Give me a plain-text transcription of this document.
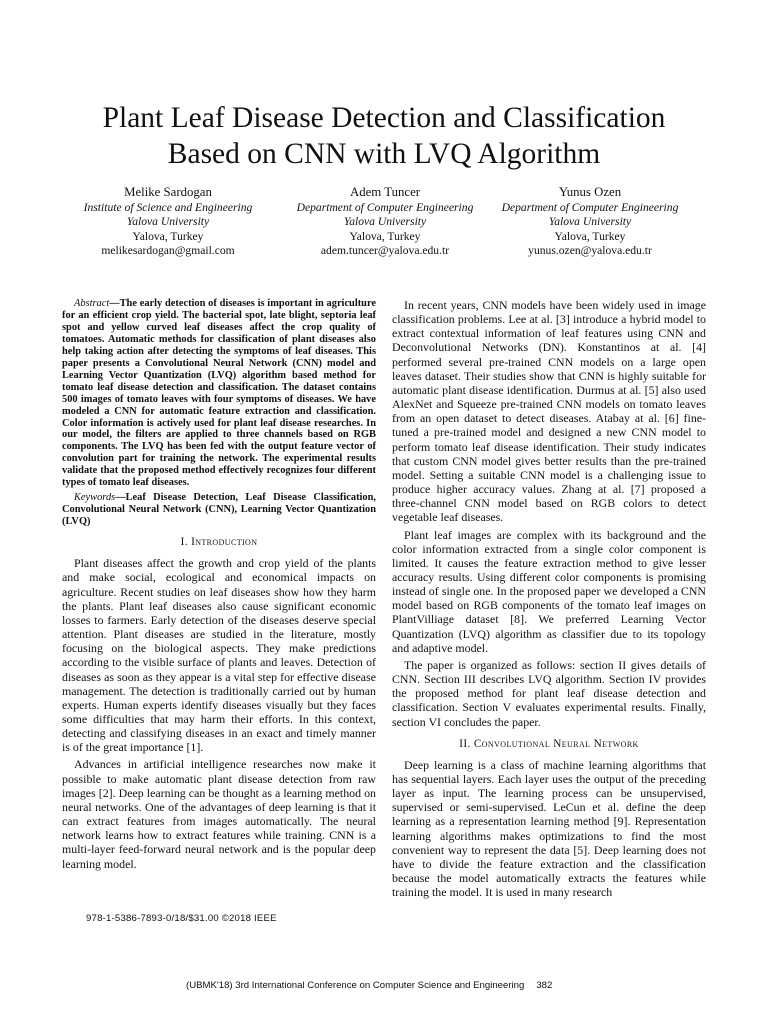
Plant Leaf Disease Detection and Classification
Based on CNN with LVQ Algorithm
Melike Sardogan
Institute of Science and Engineering
Yalova University
Yalova, Turkey
melikesardogan@gmail.com
Adem Tuncer
Department of Computer Engineering
Yalova University
Yalova, Turkey
adem.tuncer@yalova.edu.tr
Yunus Ozen
Department of Computer Engineering
Yalova University
Yalova, Turkey
yunus.ozen@yalova.edu.tr

Abstract—The early detection of diseases is important in agriculture for an efficient crop yield. The bacterial spot, late blight, septoria leaf spot and yellow curved leaf diseases affect the crop quality of tomatoes. Automatic methods for classification of plant diseases also help taking action after detecting the symptoms of leaf diseases. This paper presents a Convolutional Neural Network (CNN) model and Learning Vector Quantization (LVQ) algorithm based method for tomato leaf disease detection and classification. The dataset contains 500 images of tomato leaves with four symptoms of diseases. We have modeled a CNN for automatic feature extraction and classification. Color information is actively used for plant leaf disease researches. In our model, the filters are applied to three channels based on RGB components. The LVQ has been fed with the output feature vector of convolution part for training the network. The experimental results validate that the proposed method effectively recognizes four different types of tomato leaf diseases.

Keywords—Leaf Disease Detection, Leaf Disease Classification, Convolutional Neural Network (CNN), Learning Vector Quantization (LVQ)

I. Introduction

Plant diseases affect the growth and crop yield of the plants and make social, ecological and economical impacts on agriculture. Recent studies on leaf diseases show how they harm the plants. Plant leaf diseases also cause significant economic losses to farmers. Early detection of the diseases deserve special attention. Plant diseases are studied in the literature, mostly focusing on the biological aspects. They make predictions according to the visible surface of plants and leaves. Detection of diseases as soon as they appear is a vital step for effective disease management. The detection is traditionally carried out by human experts. Human experts identify diseases visually but they faces some difficulties that may harm their efforts. In this context, detecting and classifying diseases in an exact and timely manner is of the great importance [1].

Advances in artificial intelligence researches now make it possible to make automatic plant disease detection from raw images [2]. Deep learning can be thought as a learning method on neural networks. One of the advantages of deep learning is that it can extract features from images automatically. The neural network learns how to extract features while training. CNN is a multi-layer feed-forward neural network and is the popular deep learning model.

In recent years, CNN models have been widely used in image classification problems. Lee at al. [3] introduce a hybrid model to extract contextual information of leaf features using CNN and Deconvolutional Networks (DN). Konstantinos at al. [4] performed several pre-trained CNN models on a large open leaves dataset. Their studies show that CNN is highly suitable for automatic plant disease identification. Durmus at al. [5] also used AlexNet and Squeeze pre-trained CNN models on tomato leaves from an open dataset to detect diseases. Atabay at al. [6] fine-tuned a pre-trained model and designed a new CNN model to perform tomato leaf disease identification. Their study indicates that custom CNN model gives better results than the pre-trained model. Setting a suitable CNN model is a challenging issue to produce higher accuracy values. Zhang at al. [7] proposed a three-channel CNN model based on RGB colors to detect vegetable leaf diseases.

Plant leaf images are complex with its background and the color information extracted from a single color component is limited. It causes the feature extraction method to give lesser accuracy results. Using different color components is promising instead of single one. In the proposed paper we developed a CNN model based on RGB components of the tomato leaf images on PlantVilliage dataset [8]. We preferred Learning Vector Quantization (LVQ) algorithm as classifier due to its topology and adaptive model.

The paper is organized as follows: section II gives details of CNN. Section III describes LVQ algorithm. Section IV provides the proposed method for plant leaf disease detection and classification. Section V evaluates experimental results. Finally, section VI concludes the paper.

II. Convolutional Neural Network

Deep learning is a class of machine learning algorithms that has sequential layers. Each layer uses the output of the preceding layer as input. The learning process can be unsupervised, supervised or semi-supervised. LeCun et al. define the deep learning as a representation learning method [9]. Representation learning algorithms makes optimizations to find the most convenient way to represent the data [5]. Deep learning does not have to divide the feature extraction and the classification because the model automatically extracts the features while training the model. It is used in many research

978-1-5386-7893-0/18/$31.00 ©2018 IEEE
(UBMK'18) 3rd International Conference on Computer Science and Engineering 382
